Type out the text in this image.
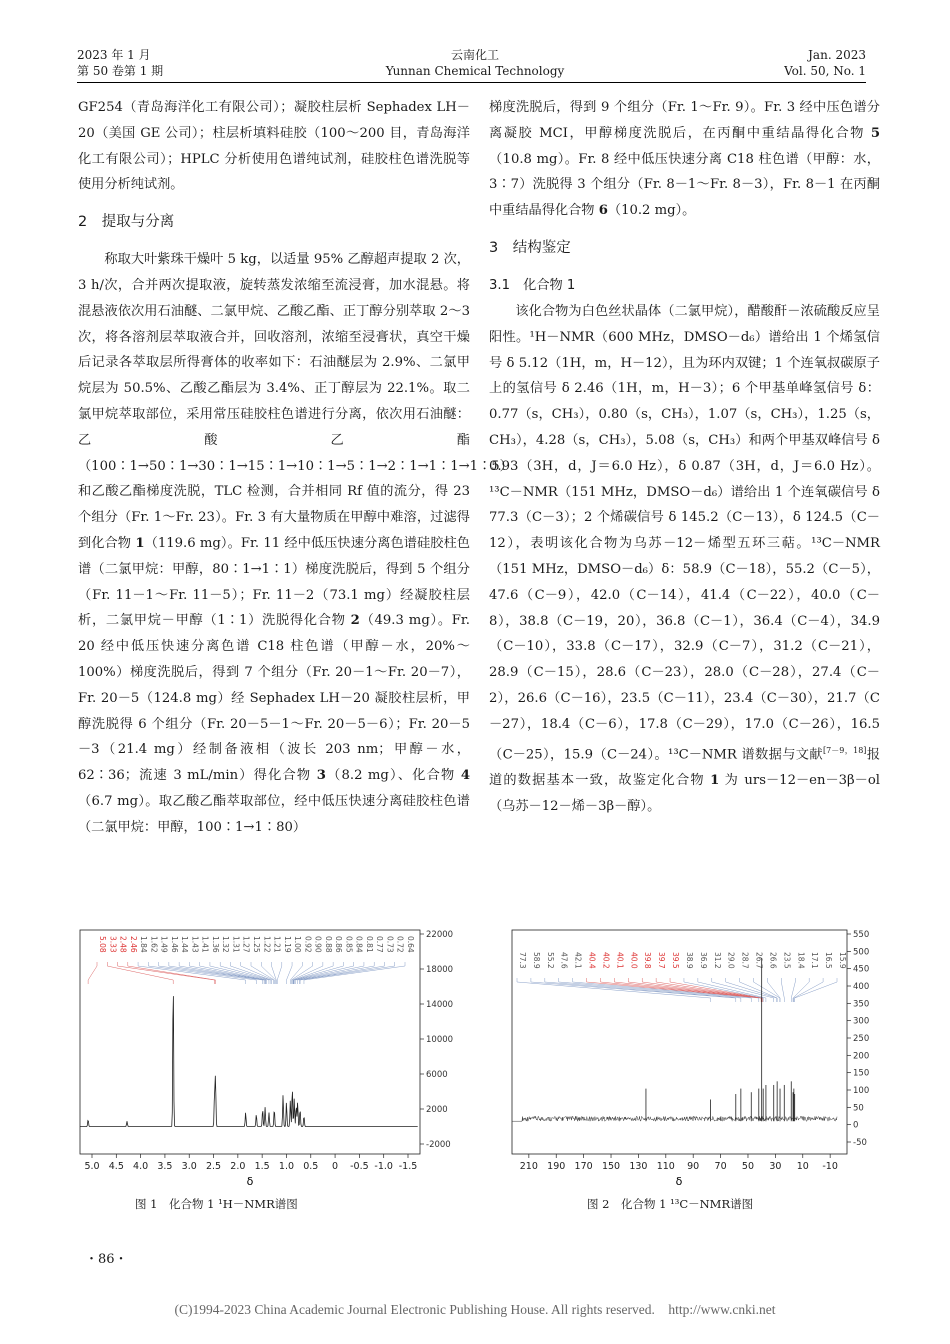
2023 年 1 月
第 50 卷第 1 期
云南化工
Yunnan Chemical Technology
Jan. 2023
Vol. 50, No. 1

GF254（青岛海洋化工有限公司）；凝胶柱层析 Sephadex LH－20（美国 GE 公司）；柱层析填料硅胶（100～200 目，青岛海洋化工有限公司）；HPLC 分析使用色谱纯试剂，硅胶柱色谱洗脱等使用分析纯试剂。

2　提取与分离

称取大叶紫珠干燥叶 5 kg，以适量 95% 乙醇超声提取 2 次，3 h/次，合并两次提取液，旋转蒸发浓缩至流浸膏，加水混悬。将混悬液依次用石油醚、二氯甲烷、乙酸乙酯、正丁醇分别萃取 2～3 次，将各溶剂层萃取液合并，回收溶剂，浓缩至浸膏状，真空干燥后记录各萃取层所得膏体的收率如下：石油醚层为 2.9%、二氯甲烷层为 50.5%、乙酸乙酯层为 3.4%、正丁醇层为 22.1%。取二氯甲烷萃取部位，采用常压硅胶柱色谱进行分离，依次用石油醚：乙酸乙酯（100∶1→50∶1→30∶1→15∶1→10∶1→5∶1→2∶1→1∶1→1∶5）和乙酸乙酯梯度洗脱，TLC 检测，合并相同 Rf 值的流分，得 23 个组分（Fr. 1～Fr. 23）。Fr. 3 有大量物质在甲醇中难溶，过滤得到化合物 1（119.6 mg）。Fr. 11 经中低压快速分离色谱硅胶柱色谱（二氯甲烷：甲醇，80∶1→1∶1）梯度洗脱后，得到 5 个组分（Fr. 11－1～Fr. 11－5）；Fr. 11－2（73.1 mg）经凝胶柱层析，二氯甲烷－甲醇（1∶1）洗脱得化合物 2（49.3 mg）。Fr. 20 经中低压快速分离色谱 C18 柱色谱（甲醇－水，20%～100%）梯度洗脱后，得到 7 个组分（Fr. 20－1～Fr. 20－7），Fr. 20－5（124.8 mg）经 Sephadex LH－20 凝胶柱层析，甲醇洗脱得 6 个组分（Fr. 20－5－1～Fr. 20－5－6）；Fr. 20－5－3（21.4 mg）经制备液相（波长 203 nm；甲醇－水，62∶36；流速 3 mL/min）得化合物 3（8.2 mg）、化合物 4（6.7 mg）。取乙酸乙酯萃取部位，经中低压快速分离硅胶柱色谱（二氯甲烷：甲醇，100∶1→1∶80）

梯度洗脱后，得到 9 个组分（Fr. 1～Fr. 9）。Fr. 3 经中压色谱分离凝胶 MCI，甲醇梯度洗脱后，在丙酮中重结晶得化合物 5（10.8 mg）。Fr. 8 经中低压快速分离 C18 柱色谱（甲醇：水，3∶7）洗脱得 3 个组分（Fr. 8－1～Fr. 8－3），Fr. 8－1 在丙酮中重结晶得化合物 6（10.2 mg）。

3　结构鉴定
3.1　化合物 1

该化合物为白色丝状晶体（二氯甲烷），醋酸酐－浓硫酸反应呈阳性。¹H－NMR（600 MHz，DMSO－d₆）谱给出 1 个烯氢信号 δ 5.12（1H，m，H－12），且为环内双键；1 个连氧叔碳原子上的氢信号 δ 2.46（1H，m，H－3）；6 个甲基单峰氢信号 δ：0.77（s，CH₃），0.80（s，CH₃），1.07（s，CH₃），1.25（s，CH₃），4.28（s，CH₃），5.08（s，CH₃）和两个甲基双峰信号 δ 0.93（3H，d，J＝6.0 Hz），δ 0.87（3H，d，J＝6.0 Hz）。¹³C－NMR（151 MHz，DMSO－d₆）谱给出 1 个连氧碳信号 δ 77.3（C－3）；2 个烯碳信号 δ 145.2（C－13），δ 124.5（C－12），表明该化合物为乌苏－12－烯型五环三萜。¹³C－NMR（151 MHz，DMSO－d₆）δ：58.9（C－18），55.2（C－5），47.6（C－9），42.0（C－14），41.4（C－22），40.0（C－8），38.8（C－19，20），36.8（C－1），36.4（C－4），34.9（C－10），33.8（C－17），32.9（C－7），31.2（C－21），28.9（C－15），28.6（C－23），28.0（C－28），27.4（C－2），26.6（C－16），23.5（C－11），23.4（C－30），21.7（C－27），18.4（C－6），17.8（C－29），17.0（C－26），16.5（C－25），15.9（C－24）。¹³C－NMR 谱数据与文献[7－9，18]报道的数据基本一致，故鉴定化合物 1 为 urs－12－en－3β－ol（乌苏－12－烯－3β－醇）。

5.08 3.33 2.48 2.46 1.84 1.62 1.49 1.46 1.44 1.43 1.41 1.36 1.32 1.31 1.27 1.25 1.22 1.21 1.19 1.00 0.92 0.90 0.88 0.86 0.85 0.84 0.81 0.77 0.73 0.72 0.64
22000
18000
14000
10000
6000
2000
-2000
5.0 4.5 4.0 3.5 3.0 2.5 2.0 1.5 1.0 0.5 0 -0.5 -1.0 -1.5
δ
77.3 58.9 55.2 47.6 42.1 40.4 40.2 40.1 40.0 39.8 39.7 39.5 38.9 36.9 31.2 29.0 28.7 26.7 26.6 23.5 18.4 17.1 16.5 15.9
550
500
450
400
350
300
250
200
150
100
50
0
-50
210 190 170 150 130 110 90 70 50 30 10 -10
δ
图 1　化合物 1 ¹H－NMR谱图	图 2　化合物 1 ¹³C－NMR谱图
・86・
(C)1994-2023 China Academic Journal Electronic Publishing House. All rights reserved.　http://www.cnki.net
